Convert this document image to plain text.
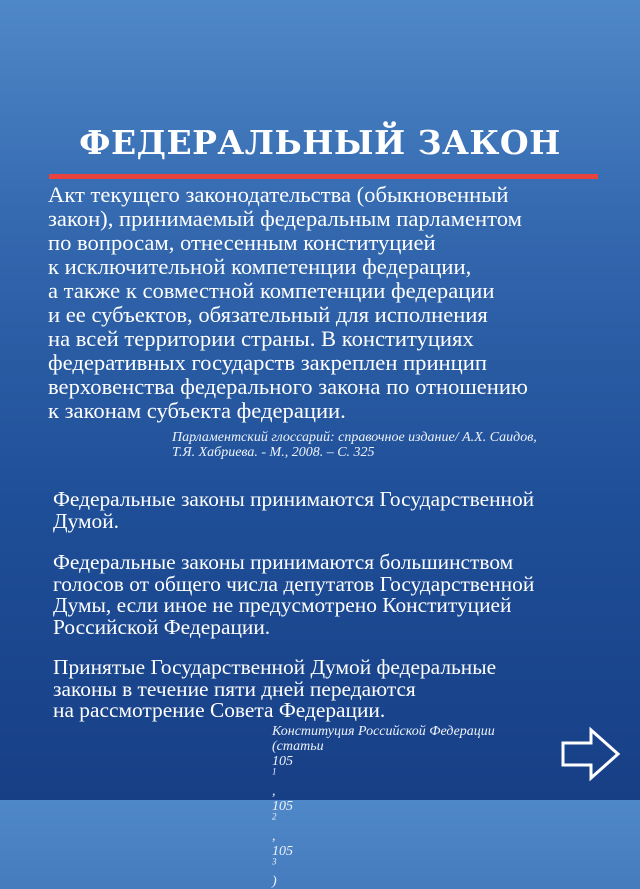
ФЕДЕРАЛЬНЫЙ ЗАКОН
Акт текущего законодательства (обыкновенный
закон), принимаемый федеральным парламентом
по вопросам, отнесенным конституцией
к исключительной компетенции федерации,
а также к совместной компетенции федерации
и ее субъектов, обязательный для исполнения
на всей территории страны. В конституциях
федеративных государств закреплен принцип
верховенства федерального закона по отношению
к законам субъекта федерации.
Парламентский глоссарий: справочное издание/ А.Х. Саидов,
Т.Я. Хабриева. - М., 2008. – С. 325
Федеральные законы принимаются Государственной
Думой.
Федеральные законы принимаются большинством
голосов от общего числа депутатов Государственной
Думы, если иное не предусмотрено Конституцией
Российской Федерации.
Принятые Государственной Думой федеральные
законы в течение пяти дней передаются
на рассмотрение Совета Федерации.
Конституция Российской Федерации
(статьи
105
$^1$
,
105
$^2$
,
105
$^3$
)
